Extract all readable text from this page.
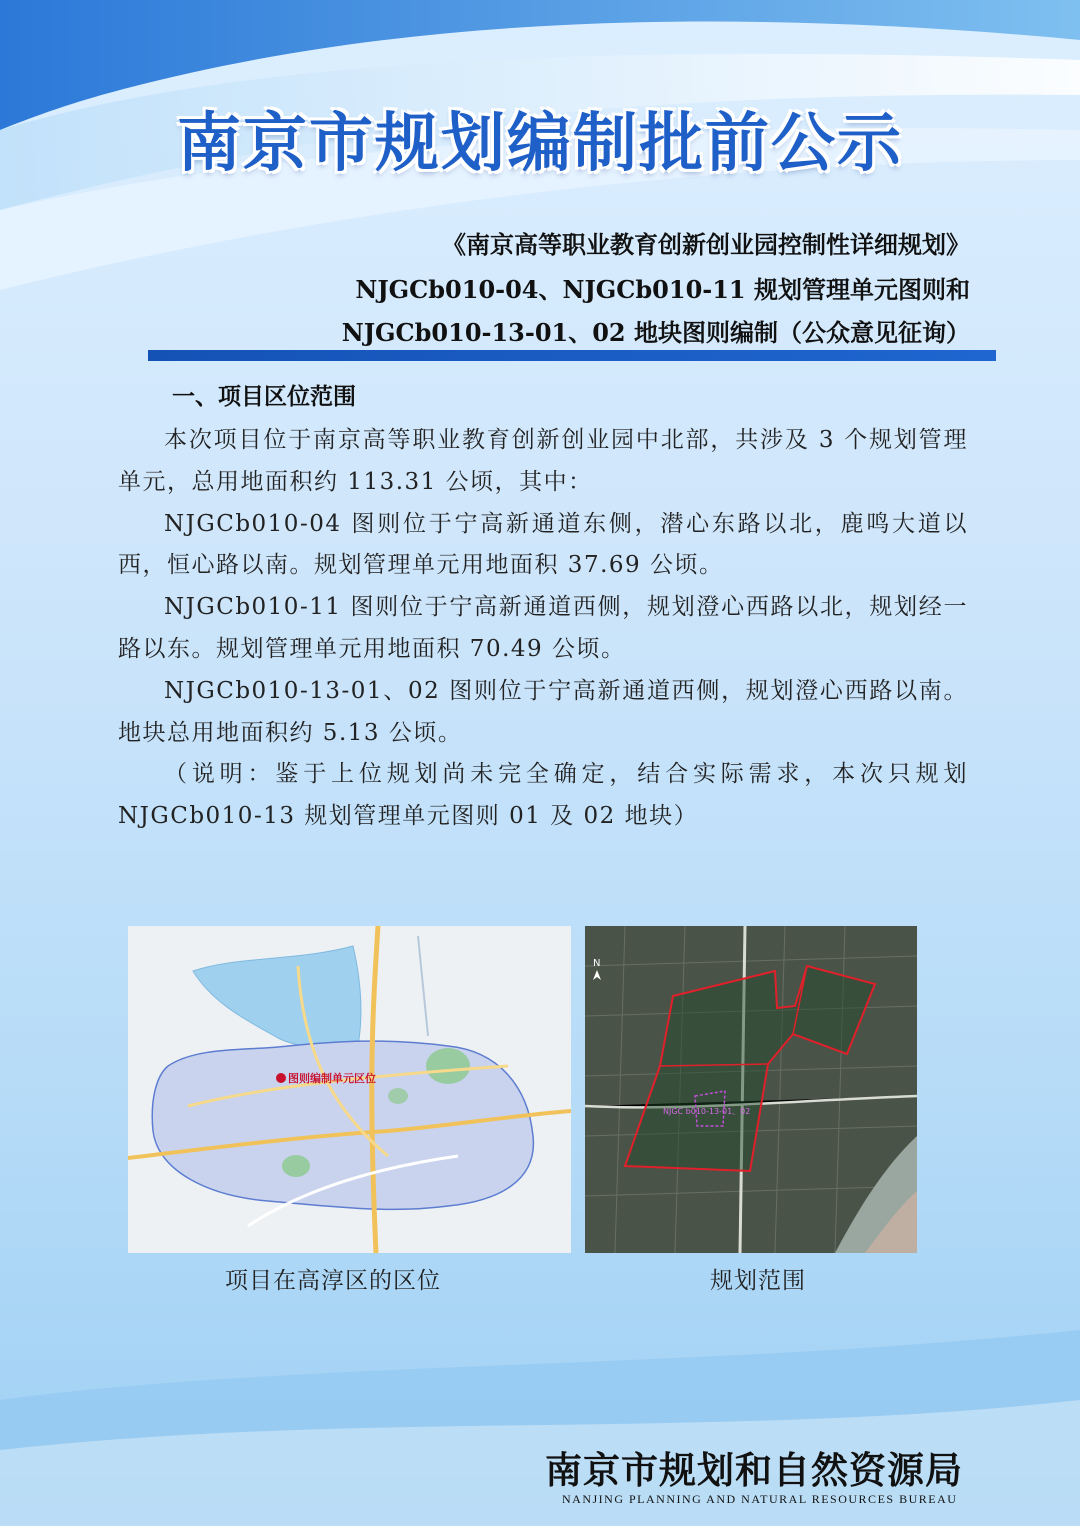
南京市规划编制批前公示
《南京高等职业教育创新创业园控制性详细规划》
NJGCb010-04、NJGCb010-11 规划管理单元图则和
NJGCb010-13-01、02 地块图则编制（公众意见征询）
一、项目区位范围

本次项目位于南京高等职业教育创新创业园中北部，共涉及 3 个规划管理单元，总用地面积约 113.31 公顷，其中：

NJGCb010-04 图则位于宁高新通道东侧，潜心东路以北，鹿鸣大道以西，恒心路以南。规划管理单元用地面积 37.69 公顷。

NJGCb010-11 图则位于宁高新通道西侧，规划澄心西路以北，规划经一路以东。规划管理单元用地面积 70.49 公顷。

NJGCb010-13-01、02 图则位于宁高新通道西侧，规划澄心西路以南。地块总用地面积约 5.13 公顷。

（说明：鉴于上位规划尚未完全确定，结合实际需求，本次只规划NJGCb010-13 规划管理单元图则 01 及 02 地块）

图则编制单元区位
N
NJGC b010-13-01、02
项目在高淳区的区位	规划范围
南京市规划和自然资源局
NANJING PLANNING AND NATURAL RESOURCES BUREAU
